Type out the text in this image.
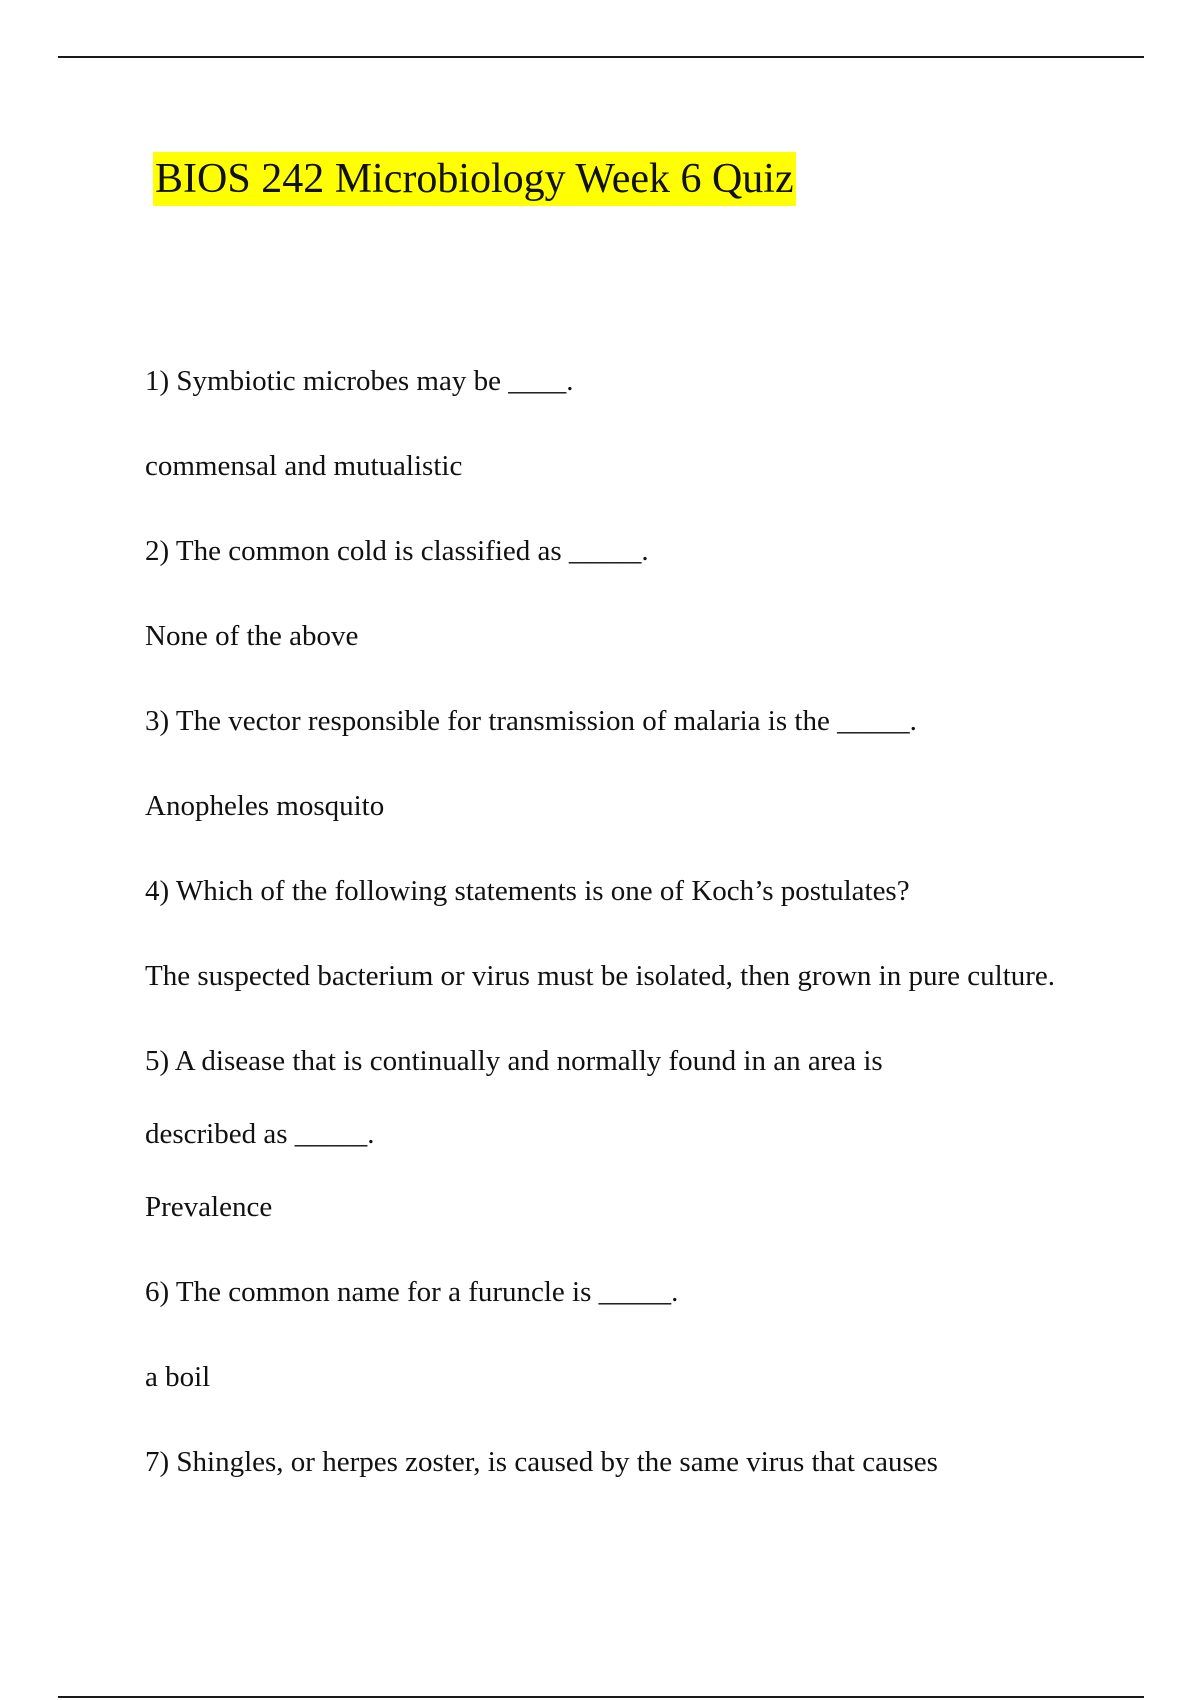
BIOS 242 Microbiology Week 6 Quiz

1) Symbiotic microbes may be ____.

commensal and mutualistic

2) The common cold is classified as _____.

None of the above

3) The vector responsible for transmission of malaria is the _____.

Anopheles mosquito

4) Which of the following statements is one of Koch’s postulates?

The suspected bacterium or virus must be isolated, then grown in pure culture.

5) A disease that is continually and normally found in an area is described as _____.

Prevalence

6) The common name for a furuncle is _____.

a boil

7) Shingles, or herpes zoster, is caused by the same virus that causes
